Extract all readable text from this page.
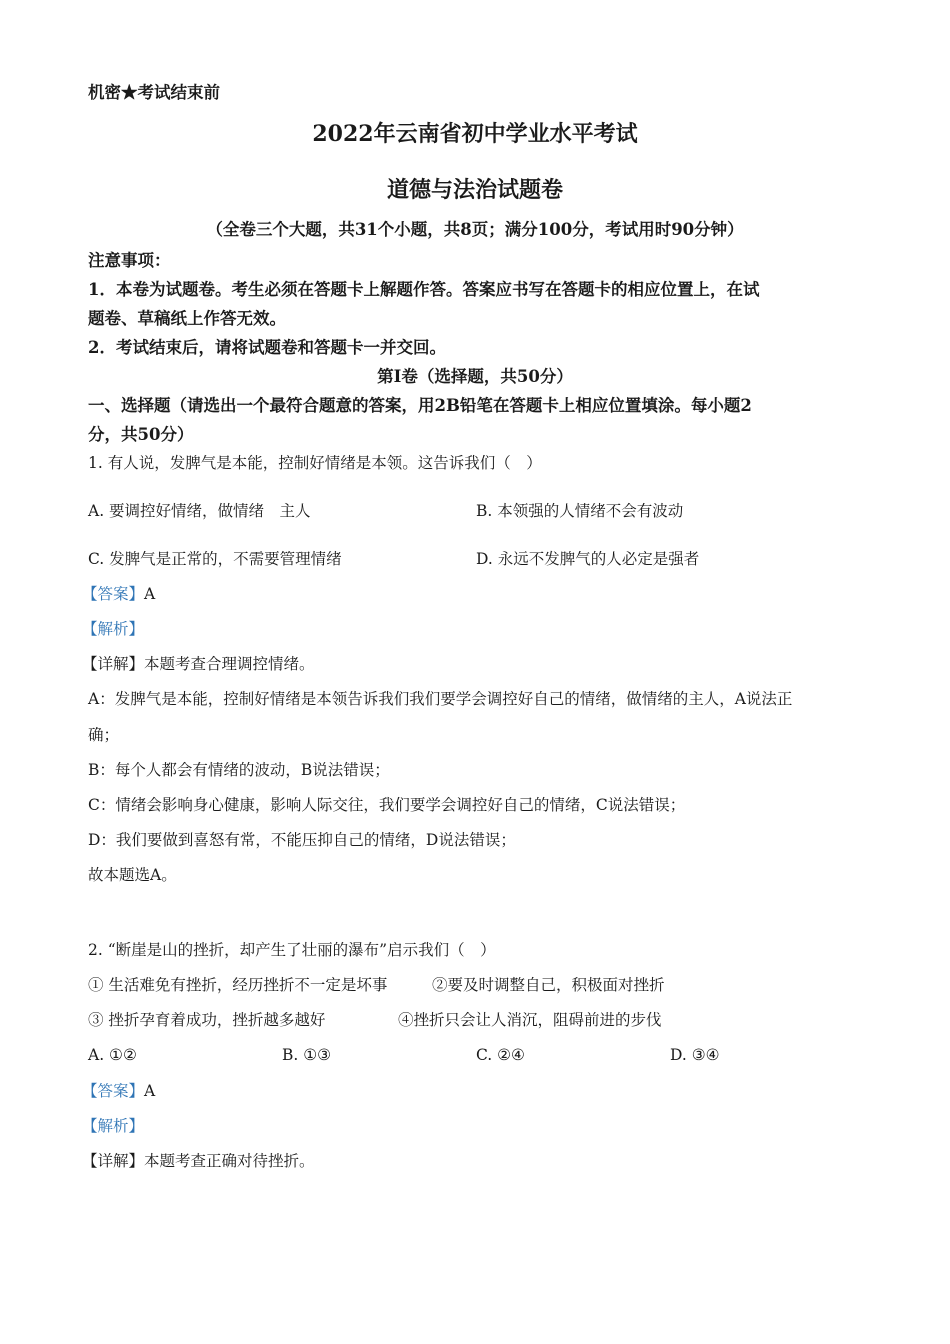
机密★考试结束前
2022年云南省初中学业水平考试
道德与法治试题卷
（全卷三个大题，共31个小题，共8页；满分100分，考试用时90分钟）
注意事项：
1．本卷为试题卷。考生必须在答题卡上解题作答。答案应书写在答题卡的相应位置上，在试
题卷、草稿纸上作答无效。
2．考试结束后，请将试题卷和答题卡一并交回。
第Ⅰ卷（选择题，共50分）
一、选择题（请选出一个最符合题意的答案，用2B铅笔在答题卡上相应位置填涂。每小题2
分，共50分）
1. 有人说，发脾气是本能，控制好情绪是本领。这告诉我们（　）
A. 要调控好情绪，做情绪　主人	B. 本领强的人情绪不会有波动
C. 发脾气是正常的，不需要管理情绪	D. 永远不发脾气的人必定是强者
【答案】A
【解析】
【详解】本题考查合理调控情绪。
A：发脾气是本能，控制好情绪是本领告诉我们我们要学会调控好自己的情绪，做情绪的主人，A说法正
确；
B：每个人都会有情绪的波动，B说法错误；
C：情绪会影响身心健康，影响人际交往，我们要学会调控好自己的情绪，C说法错误；
D：我们要做到喜怒有常，不能压抑自己的情绪，D说法错误；
故本题选A。
2. “断崖是山的挫折，却产生了壮丽的瀑布”启示我们（　）
① 生活难免有挫折，经历挫折不一定是坏事	②要及时调整自己，积极面对挫折
③ 挫折孕育着成功，挫折越多越好	④挫折只会让人消沉，阻碍前进的步伐
A. ①②	B. ①③	C. ②④	D. ③④
【答案】A
【解析】
【详解】本题考查正确对待挫折。
